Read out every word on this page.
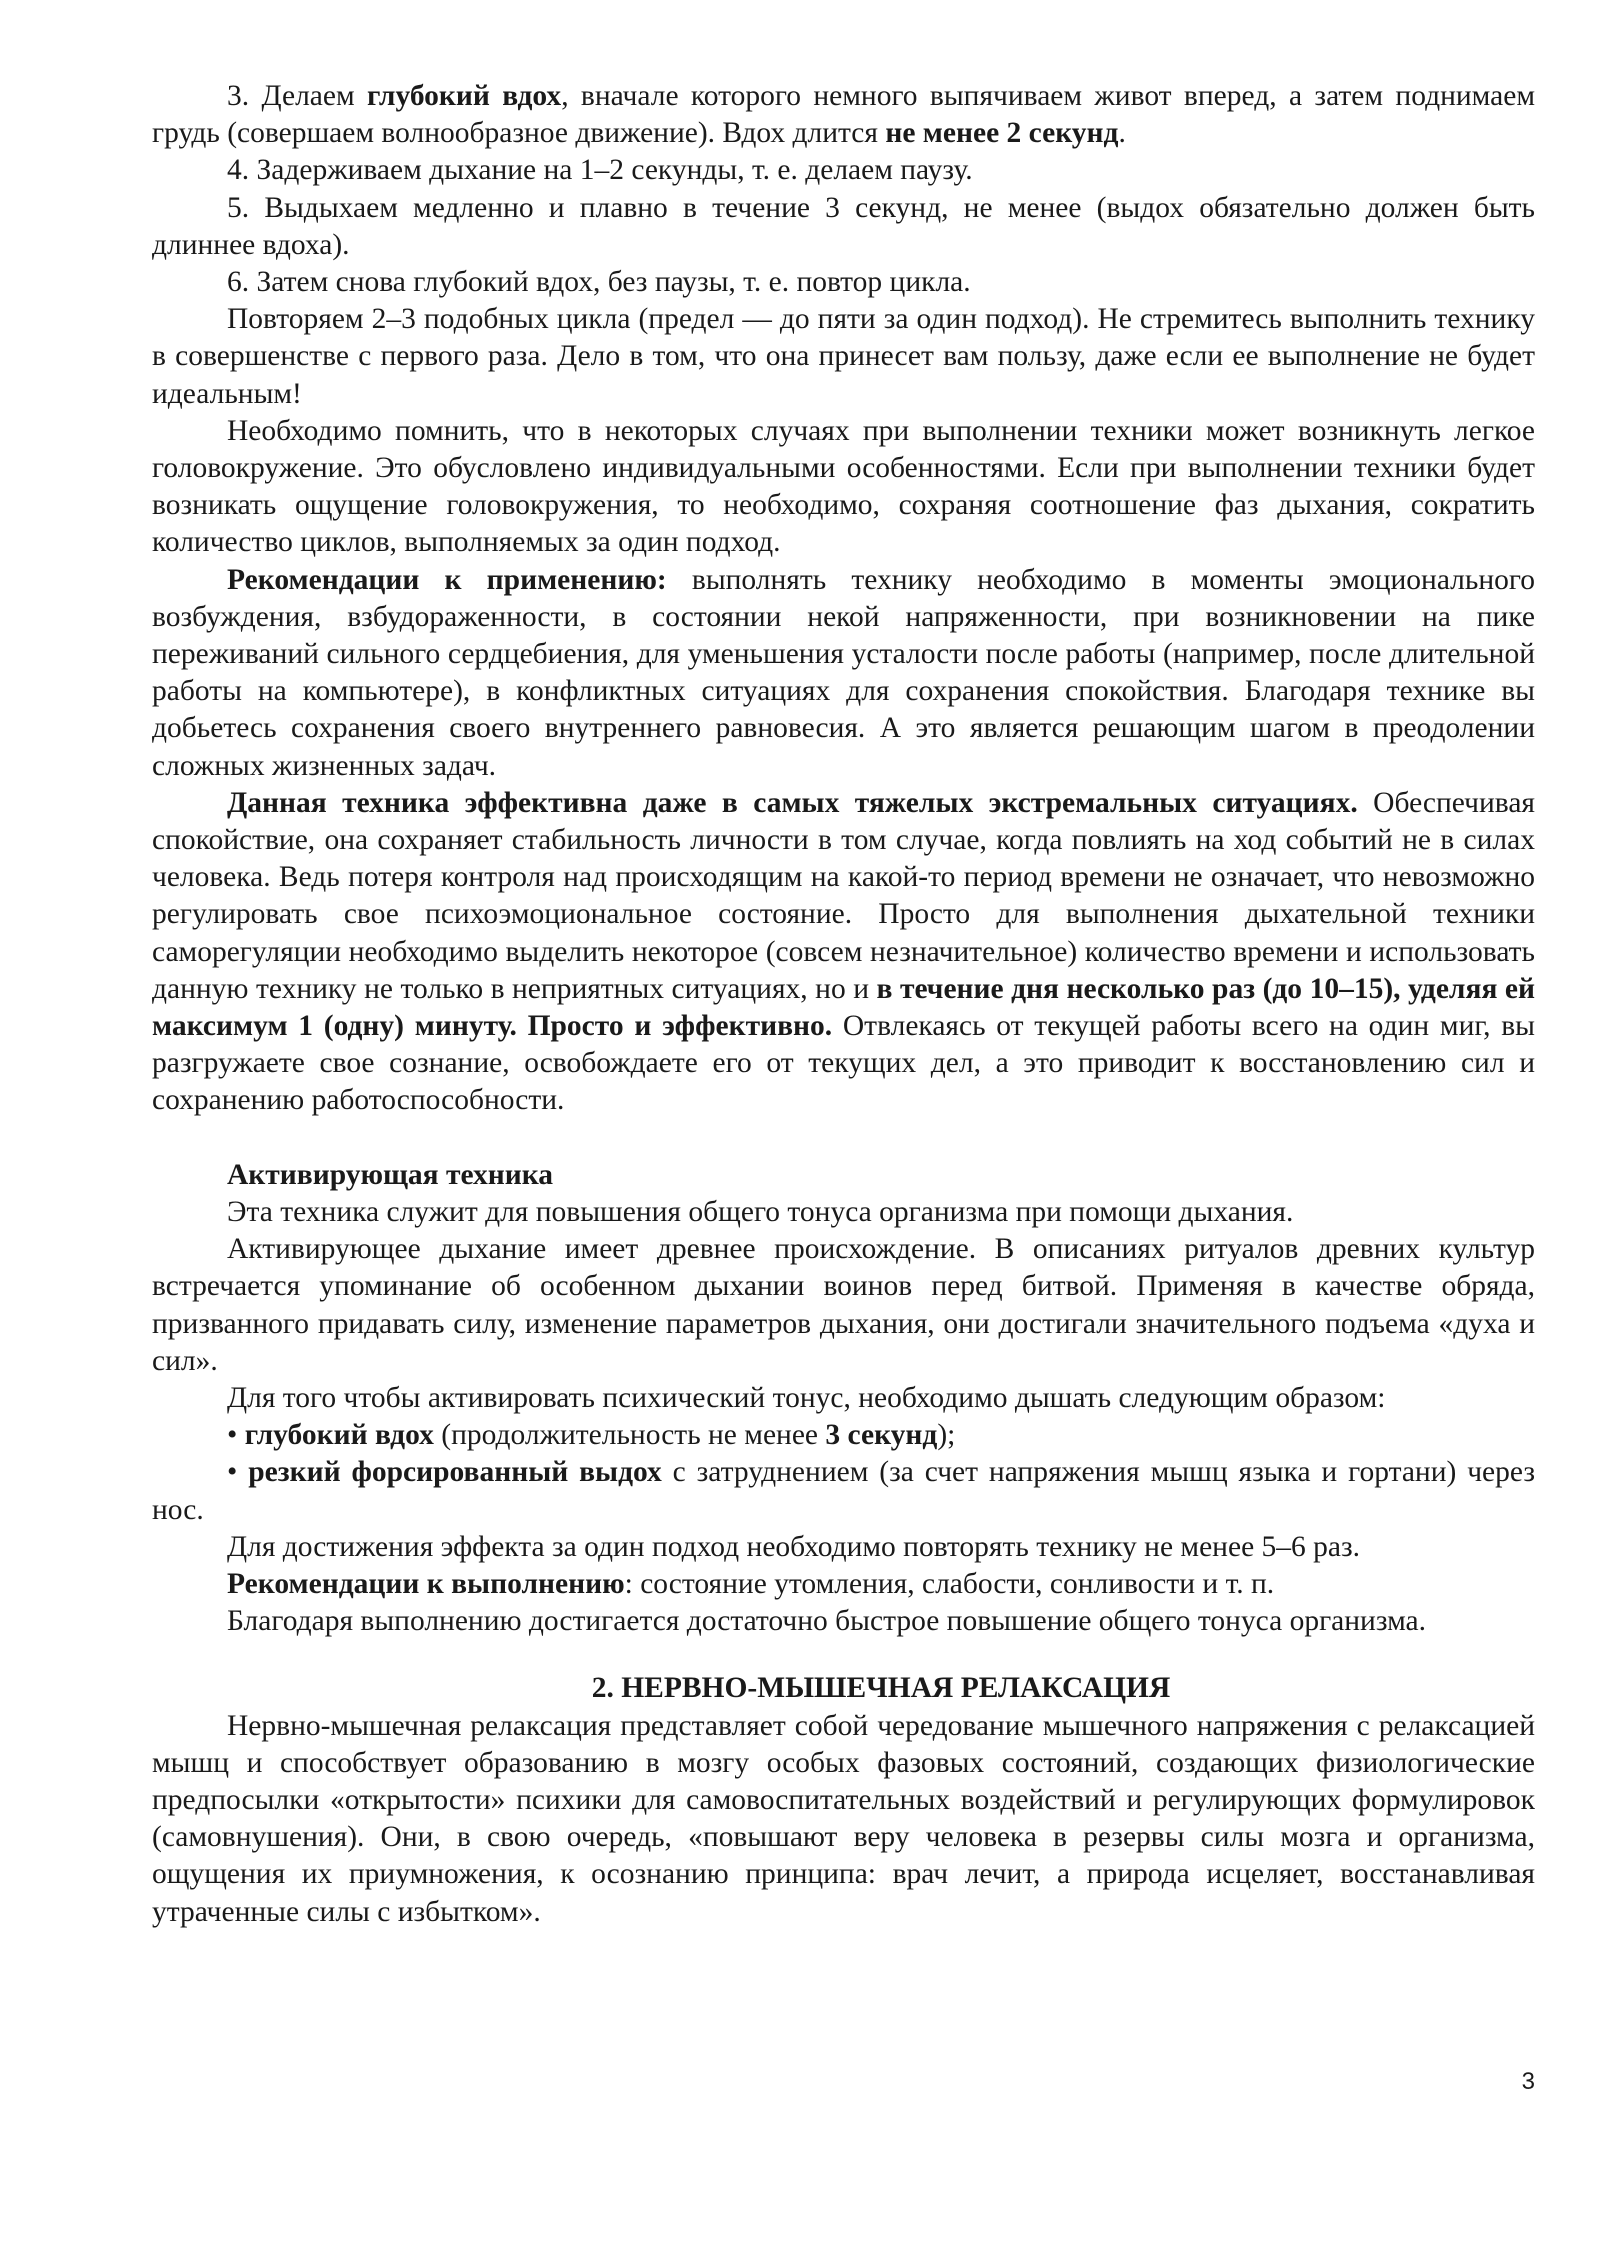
3. Делаем глубокий вдох, вначале которого немного выпячиваем живот вперед, а затем поднимаем грудь (совершаем волнообразное движение). Вдох длится не менее 2 секунд.

4. Задерживаем дыхание на 1–2 секунды, т. е. делаем паузу.

5. Выдыхаем медленно и плавно в течение 3 секунд, не менее (выдох обязательно должен быть длиннее вдоха).

6. Затем снова глубокий вдох, без паузы, т. е. повтор цикла.

Повторяем 2–3 подобных цикла (предел — до пяти за один подход). Не стремитесь выполнить технику в совершенстве с первого раза. Дело в том, что она принесет вам пользу, даже если ее выполнение не будет идеальным!

Необходимо помнить, что в некоторых случаях при выполнении техники может возникнуть легкое головокружение. Это обусловлено индивидуальными особенностями. Если при выполнении техники будет возникать ощущение головокружения, то необходимо, сохраняя соотношение фаз дыхания, сократить количество циклов, выполняемых за один подход.

Рекомендации к применению: выполнять технику необходимо в моменты эмоционального возбуждения, взбудораженности, в состоянии некой напряженности, при возникновении на пике переживаний сильного сердцебиения, для уменьшения усталости после работы (например, после длительной работы на компьютере), в конфликтных ситуациях для сохранения спокойствия. Благодаря технике вы добьетесь сохранения своего внутреннего равновесия. А это является решающим шагом в преодолении сложных жизненных задач.

Данная техника эффективна даже в самых тяжелых экстремальных ситуациях. Обеспечивая спокойствие, она сохраняет стабильность личности в том случае, когда повлиять на ход событий не в силах человека. Ведь потеря контроля над происходящим на какой-то период времени не означает, что невозможно регулировать свое психоэмоциональное состояние. Просто для выполнения дыхательной техники саморегуляции необходимо выделить некоторое (совсем незначительное) количество времени и использовать данную технику не только в неприятных ситуациях, но и в течение дня несколько раз (до 10–15), уделяя ей максимум 1 (одну) минуту. Просто и эффективно. Отвлекаясь от текущей работы всего на один миг, вы разгружаете свое сознание, освобождаете его от текущих дел, а это приводит к восстановлению сил и сохранению работоспособности.

Активирующая техника

Эта техника служит для повышения общего тонуса организма при помощи дыхания.

Активирующее дыхание имеет древнее происхождение. В описаниях ритуалов древних культур встречается упоминание об особенном дыхании воинов перед битвой. Применяя в качестве обряда, призванного придавать силу, изменение параметров дыхания, они достигали значительного подъема «духа и сил».

Для того чтобы активировать психический тонус, необходимо дышать следующим образом:

• глубокий вдох (продолжительность не менее 3 секунд);

• резкий форсированный выдох с затруднением (за счет напряжения мышц языка и гортани) через нос.

Для достижения эффекта за один подход необходимо повторять технику не менее 5–6 раз.

Рекомендации к выполнению: состояние утомления, слабости, сонливости и т. п.

Благодаря выполнению достигается достаточно быстрое повышение общего тонуса организма.

2. НЕРВНО-МЫШЕЧНАЯ РЕЛАКСАЦИЯ

Нервно-мышечная релаксация представляет собой чередование мышечного напряжения с релаксацией мышц и способствует образованию в мозгу особых фазовых состояний, создающих физиологические предпосылки «открытости» психики для самовоспитательных воздействий и регулирующих формулировок (самовнушения). Они, в свою очередь, «повышают веру человека в резервы силы мозга и организма, ощущения их приумножения, к осознанию принципа: врач лечит, а природа исцеляет, восстанавливая утраченные силы с избытком».

3
